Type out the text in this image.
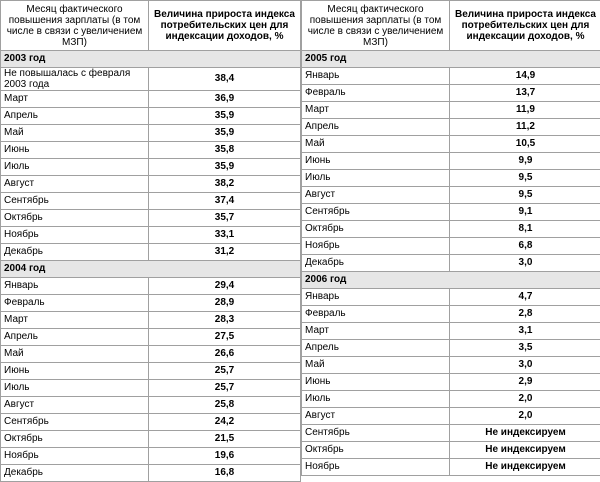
Месяц фактического повышения зарплаты (в том числе в связи с увеличением МЗП)	Величина прироста индекса потребительских цен для индексации доходов, %
2003 год	
Не повышалась с февраля 2003 года	38,4
Март	36,9
Апрель	35,9
Май	35,9
Июнь	35,8
Июль	35,9
Август	38,2
Сентябрь	37,4
Октябрь	35,7
Ноябрь	33,1
Декабрь	31,2
2004 год	
Январь	29,4
Февраль	28,9
Март	28,3
Апрель	27,5
Май	26,6
Июнь	25,7
Июль	25,7
Август	25,8
Сентябрь	24,2
Октябрь	21,5
Ноябрь	19,6
Декабрь	16,8
Месяц фактического повышения зарплаты (в том числе в связи с увеличением МЗП)	Величина прироста индекса потребительских цен для индексации доходов, %
2005 год	
Январь	14,9
Февраль	13,7
Март	11,9
Апрель	11,2
Май	10,5
Июнь	9,9
Июль	9,5
Август	9,5
Сентябрь	9,1
Октябрь	8,1
Ноябрь	6,8
Декабрь	3,0
2006 год	
Январь	4,7
Февраль	2,8
Март	3,1
Апрель	3,5
Май	3,0
Июнь	2,9
Июль	2,0
Август	2,0
Сентябрь	Не индексируем
Октябрь	Не индексируем
Ноябрь	Не индексируем
